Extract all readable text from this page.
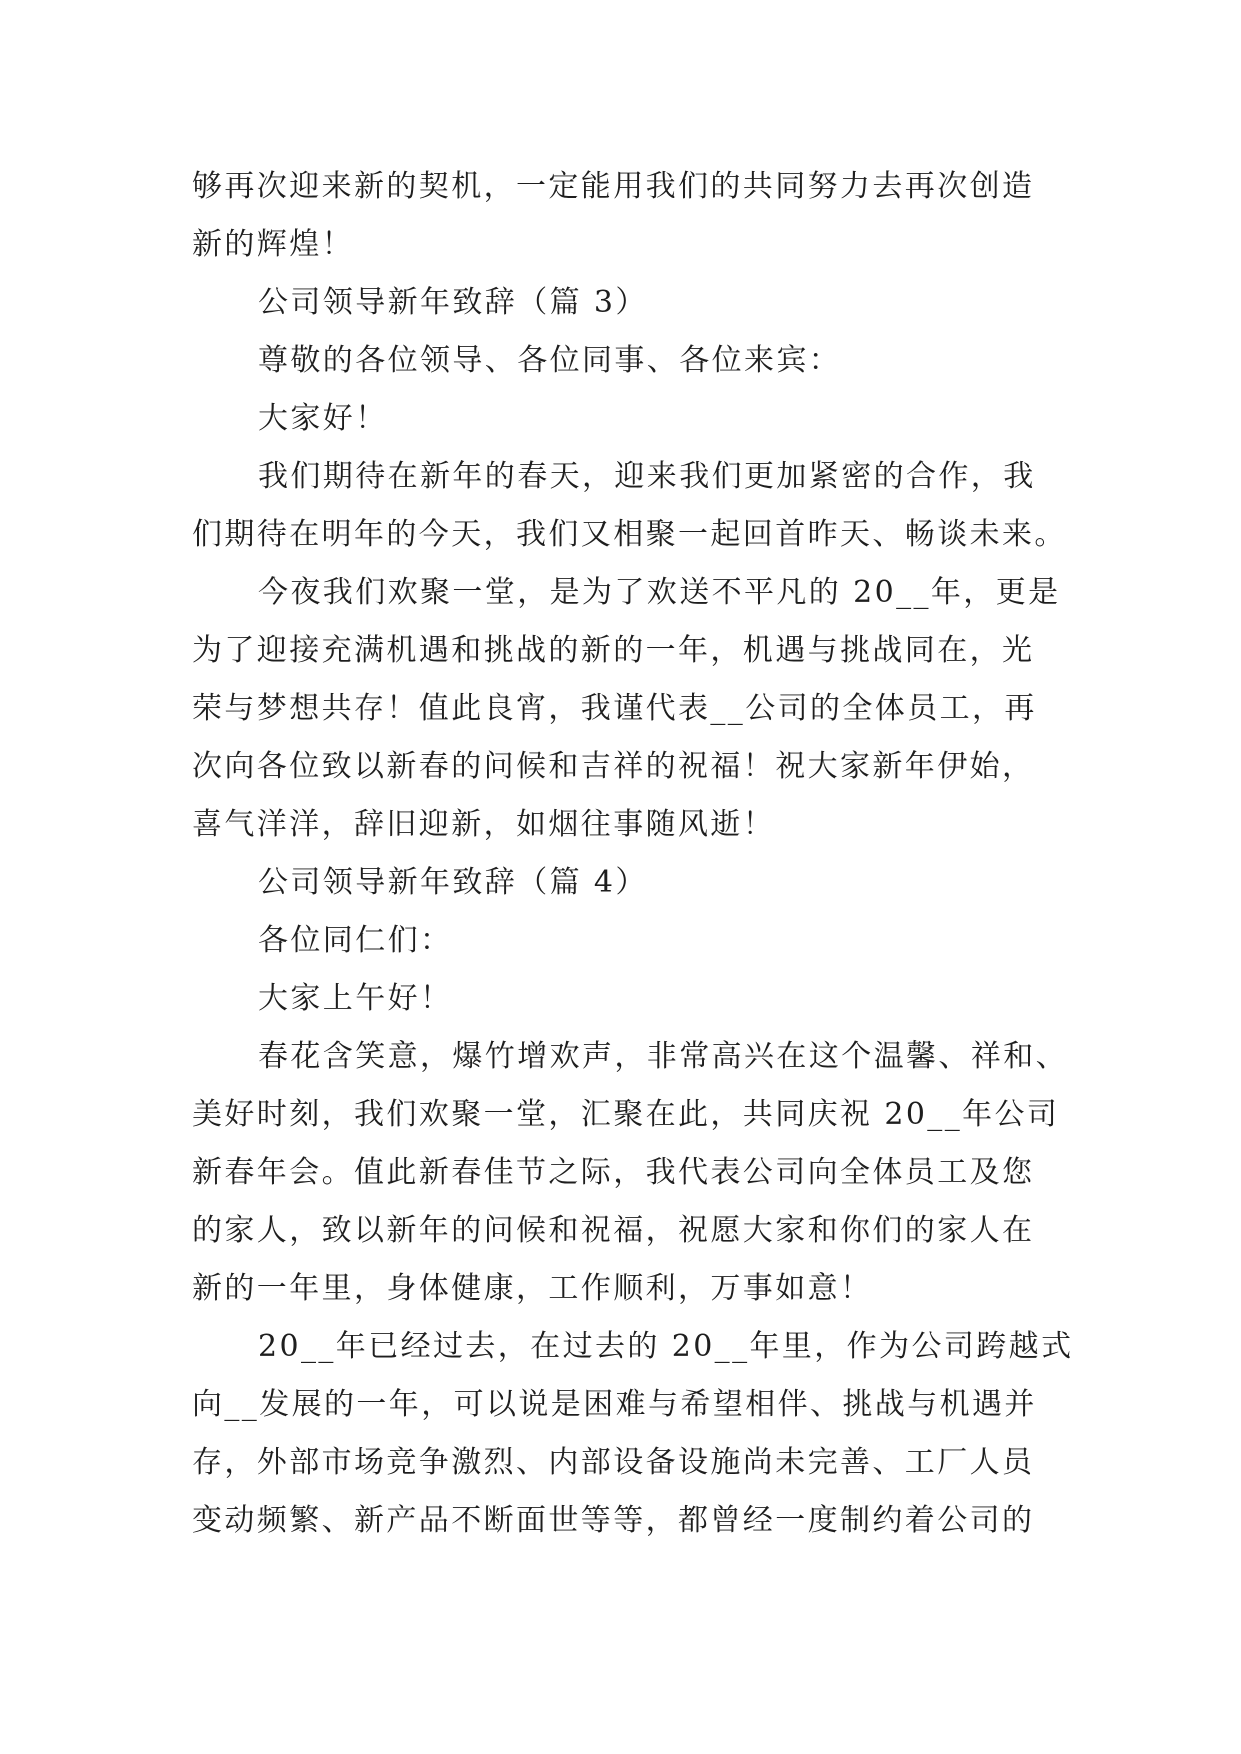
够再次迎来新的契机，一定能用我们的共同努力去再次创造
新的辉煌！
公司领导新年致辞（篇 3）
尊敬的各位领导、各位同事、各位来宾：
大家好！
我们期待在新年的春天，迎来我们更加紧密的合作，我
们期待在明年的今天，我们又相聚一起回首昨天、畅谈未来。
今夜我们欢聚一堂，是为了欢送不平凡的 20__年，更是
为了迎接充满机遇和挑战的新的一年，机遇与挑战同在，光
荣与梦想共存！值此良宵，我谨代表__公司的全体员工，再
次向各位致以新春的问候和吉祥的祝福！祝大家新年伊始，
喜气洋洋，辞旧迎新，如烟往事随风逝！
公司领导新年致辞（篇 4）
各位同仁们：
大家上午好！
春花含笑意，爆竹增欢声，非常高兴在这个温馨、祥和、
美好时刻，我们欢聚一堂，汇聚在此，共同庆祝 20__年公司
新春年会。值此新春佳节之际，我代表公司向全体员工及您
的家人，致以新年的问候和祝福，祝愿大家和你们的家人在
新的一年里，身体健康，工作顺利，万事如意！
20__年已经过去，在过去的 20__年里，作为公司跨越式
向__发展的一年，可以说是困难与希望相伴、挑战与机遇并
存，外部市场竞争激烈、内部设备设施尚未完善、工厂人员
变动频繁、新产品不断面世等等，都曾经一度制约着公司的
